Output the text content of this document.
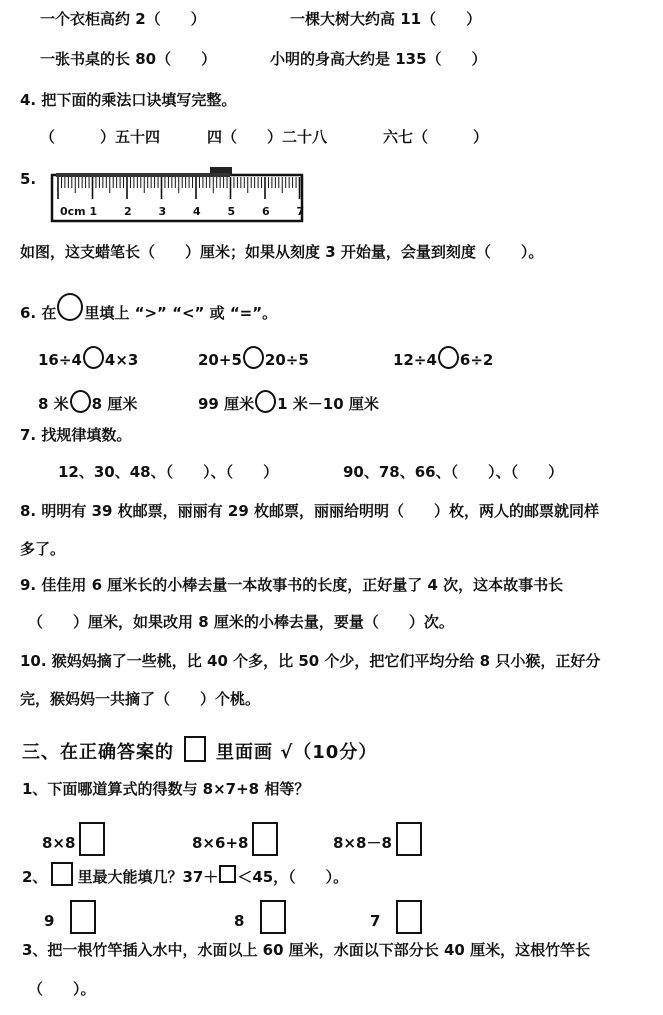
一个衣柜高约 2（　　）	一棵大树大约高 11（　　）
一张书桌的长 80（　　）	小明的身高大约是 135（　　）
4. 把下面的乘法口诀填写完整。
（　　　）五十四	四（　　）二十八	六七（　　　）
5.
0cm 1 2 3 4 5 6 7
如图，这支蜡笔长（　　）厘米；如果从刻度 3 开始量，会量到刻度（　　）。
6. 在 里填上 “>” “<” 或 “=”。
16÷4 4×3	20+5 20÷5	12÷4 6÷2
8 米 8 厘米	99 厘米 1 米－10 厘米
7. 找规律填数。
12、30、48、（　　）、（　　）	90、78、66、（　　）、（　　）
8. 明明有 39 枚邮票，丽丽有 29 枚邮票，丽丽给明明（　　）枚，两人的邮票就同样
多了。
9. 佳佳用 6 厘米长的小棒去量一本故事书的长度，正好量了 4 次，这本故事书长
（　　）厘米，如果改用 8 厘米的小棒去量，要量（　　）次。
10. 猴妈妈摘了一些桃，比 40 个多，比 50 个少，把它们平均分给 8 只小猴，正好分
完，猴妈妈一共摘了（　　）个桃。
三、在正确答案的 里面画 √（10分）
1、下面哪道算式的得数与 8×7+8 相等？
8×8	8×6+8	8×8－8
2、 里最大能填几？37＋ ＜45，（　　）。
9	8	7
3、把一根竹竿插入水中，水面以上 60 厘米，水面以下部分长 40 厘米，这根竹竿长
（　　）。
